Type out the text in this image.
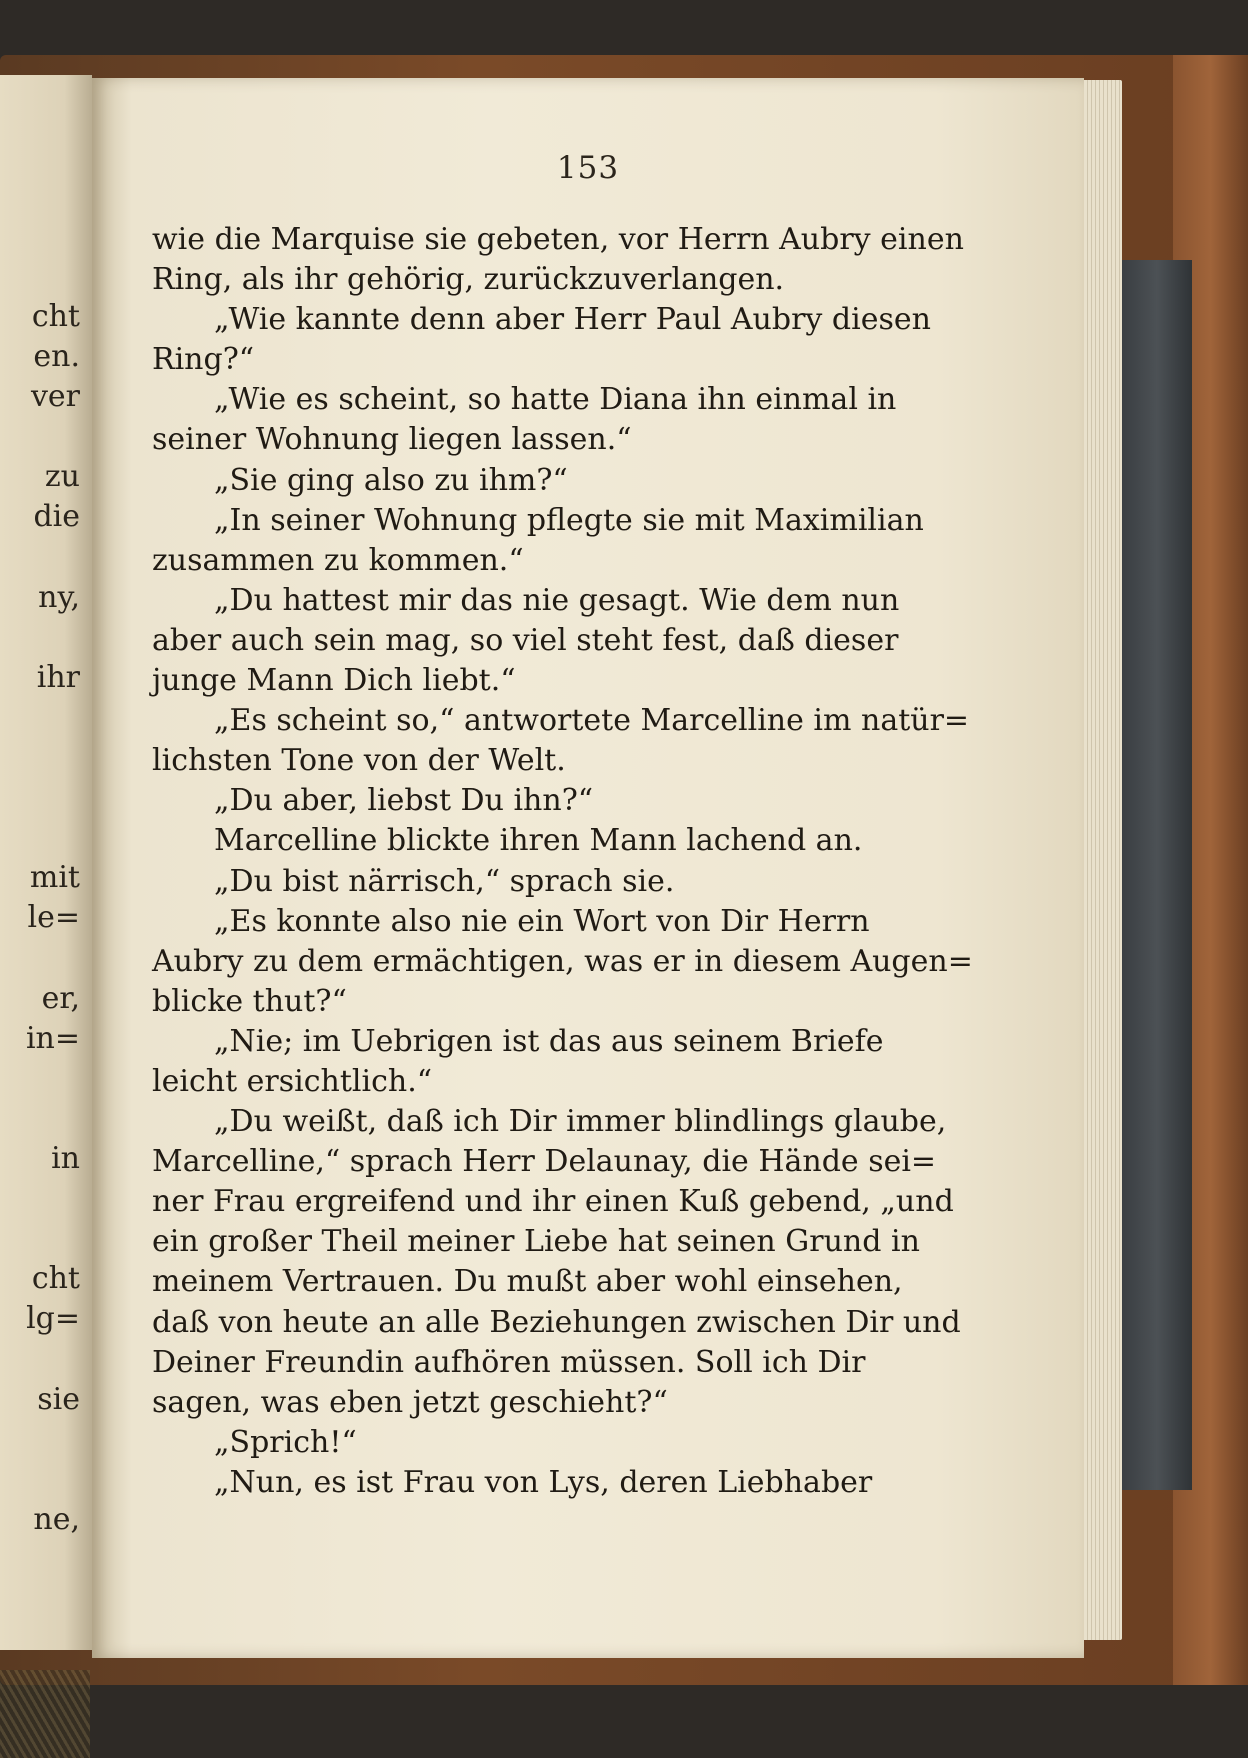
cht
en.
ver
zu
die
ny,
ihr
mit
le=
er,
in=
in
cht
lg=
sie
ne,
153
wie die Marquise sie gebeten, vor Herrn Aubry einen
Ring, als ihr gehörig, zurückzuverlangen.
„Wie kannte denn aber Herr Paul Aubry diesen
Ring?“
„Wie es scheint, so hatte Diana ihn einmal in
seiner Wohnung liegen lassen.“
„Sie ging also zu ihm?“
„In seiner Wohnung pflegte sie mit Maximilian
zusammen zu kommen.“
„Du hattest mir das nie gesagt. Wie dem nun
aber auch sein mag, so viel steht fest, daß dieser
junge Mann Dich liebt.“
„Es scheint so,“ antwortete Marcelline im natür=
lichsten Tone von der Welt.
„Du aber, liebst Du ihn?“
Marcelline blickte ihren Mann lachend an.
„Du bist närrisch,“ sprach sie.
„Es konnte also nie ein Wort von Dir Herrn
Aubry zu dem ermächtigen, was er in diesem Augen=
blicke thut?“
„Nie; im Uebrigen ist das aus seinem Briefe
leicht ersichtlich.“
„Du weißt, daß ich Dir immer blindlings glaube,
Marcelline,“ sprach Herr Delaunay, die Hände sei=
ner Frau ergreifend und ihr einen Kuß gebend, „und
ein großer Theil meiner Liebe hat seinen Grund in
meinem Vertrauen. Du mußt aber wohl einsehen,
daß von heute an alle Beziehungen zwischen Dir und
Deiner Freundin aufhören müssen. Soll ich Dir
sagen, was eben jetzt geschieht?“
„Sprich!“
„Nun, es ist Frau von Lys, deren Liebhaber
